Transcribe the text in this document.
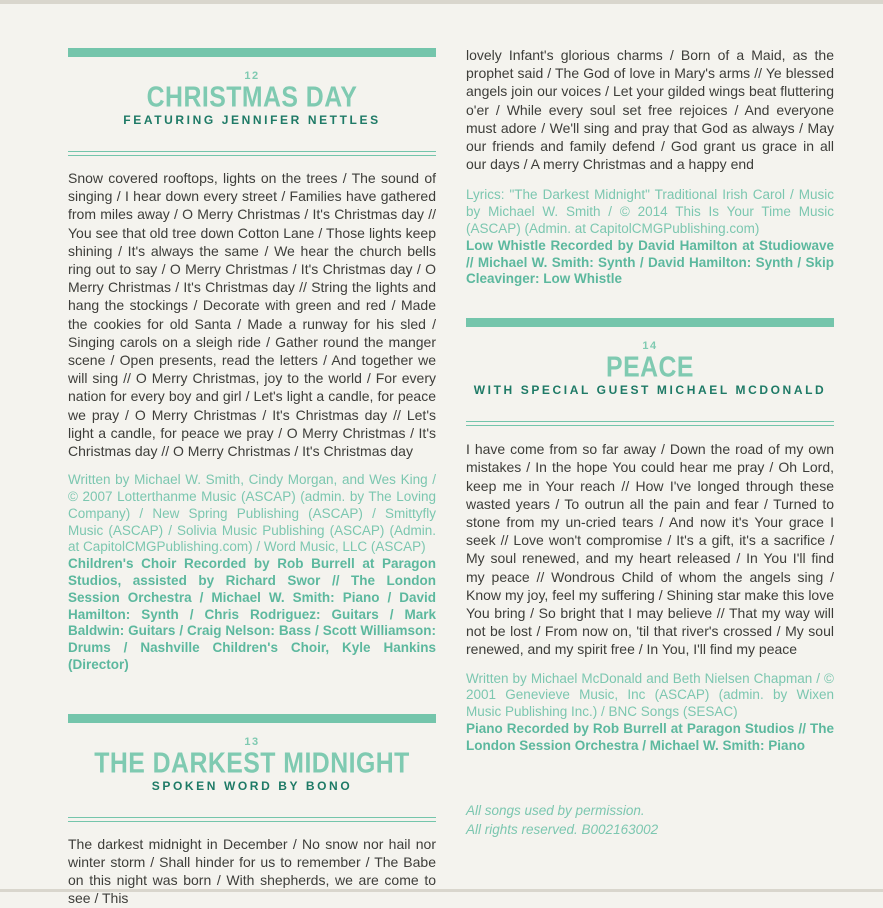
12
CHRISTMAS DAY
FEATURING JENNIFER NETTLES

Snow covered rooftops, lights on the trees / The sound of singing / I hear down every street / Families have gathered from miles away / O Merry Christmas / It's Christmas day // You see that old tree down Cotton Lane / Those lights keep shining / It's always the same / We hear the church bells ring out to say / O Merry Christmas / It's Christmas day / O Merry Christmas / It's Christmas day // String the lights and hang the stockings / Decorate with green and red / Made the cookies for old Santa / Made a runway for his sled / Singing carols on a sleigh ride / Gather round the manger scene / Open presents, read the letters / And together we will sing // O Merry Christmas, joy to the world / For every nation for every boy and girl / Let's light a candle, for peace we pray / O Merry Christmas / It's Christmas day // Let's light a candle, for peace we pray / O Merry Christmas / It's Christmas day // O Merry Christmas / It's Christmas day

Written by Michael W. Smith, Cindy Morgan, and Wes King / © 2007 Lotterthanme Music (ASCAP) (admin. by The Loving Company) / New Spring Publishing (ASCAP) / Smittyfly Music (ASCAP) / Solivia Music Publishing (ASCAP) (Admin. at CapitolCMGPublishing.com) / Word Music, LLC (ASCAP)

Children's Choir Recorded by Rob Burrell at Paragon Studios, assisted by Richard Swor // The London Session Orchestra / Michael W. Smith: Piano / David Hamilton: Synth / Chris Rodriguez: Guitars / Mark Baldwin: Guitars / Craig Nelson: Bass / Scott Williamson: Drums / Nashville Children's Choir, Kyle Hankins (Director)

13
THE DARKEST MIDNIGHT
SPOKEN WORD BY BONO

The darkest midnight in December / No snow nor hail nor winter storm / Shall hinder for us to remember / The Babe on this night was born / With shepherds, we are come to see / This

lovely Infant's glorious charms / Born of a Maid, as the prophet said / The God of love in Mary's arms // Ye blessed angels join our voices / Let your gilded wings beat fluttering o'er / While every soul set free rejoices / And everyone must adore / We'll sing and pray that God as always / May our friends and family defend / God grant us grace in all our days / A merry Christmas and a happy end

Lyrics: "The Darkest Midnight" Traditional Irish Carol / Music by Michael W. Smith / © 2014 This Is Your Time Music (ASCAP) (Admin. at CapitolCMGPublishing.com)

Low Whistle Recorded by David Hamilton at Studiowave // Michael W. Smith: Synth / David Hamilton: Synth / Skip Cleavinger: Low Whistle

14
PEACE
WITH SPECIAL GUEST MICHAEL MCDONALD

I have come from so far away / Down the road of my own mistakes / In the hope You could hear me pray / Oh Lord, keep me in Your reach // How I've longed through these wasted years / To outrun all the pain and fear / Turned to stone from my un-cried tears / And now it's Your grace I seek // Love won't compromise / It's a gift, it's a sacrifice / My soul renewed, and my heart released / In You I'll find my peace // Wondrous Child of whom the angels sing / Know my joy, feel my suffering / Shining star make this love You bring / So bright that I may believe // That my way will not be lost / From now on, 'til that river's crossed / My soul renewed, and my spirit free / In You, I'll find my peace

Written by Michael McDonald and Beth Nielsen Chapman / © 2001 Genevieve Music, Inc (ASCAP) (admin. by Wixen Music Publishing Inc.) / BNC Songs (SESAC)

Piano Recorded by Rob Burrell at Paragon Studios // The London Session Orchestra / Michael W. Smith: Piano

All songs used by permission.
All rights reserved. B002163002
